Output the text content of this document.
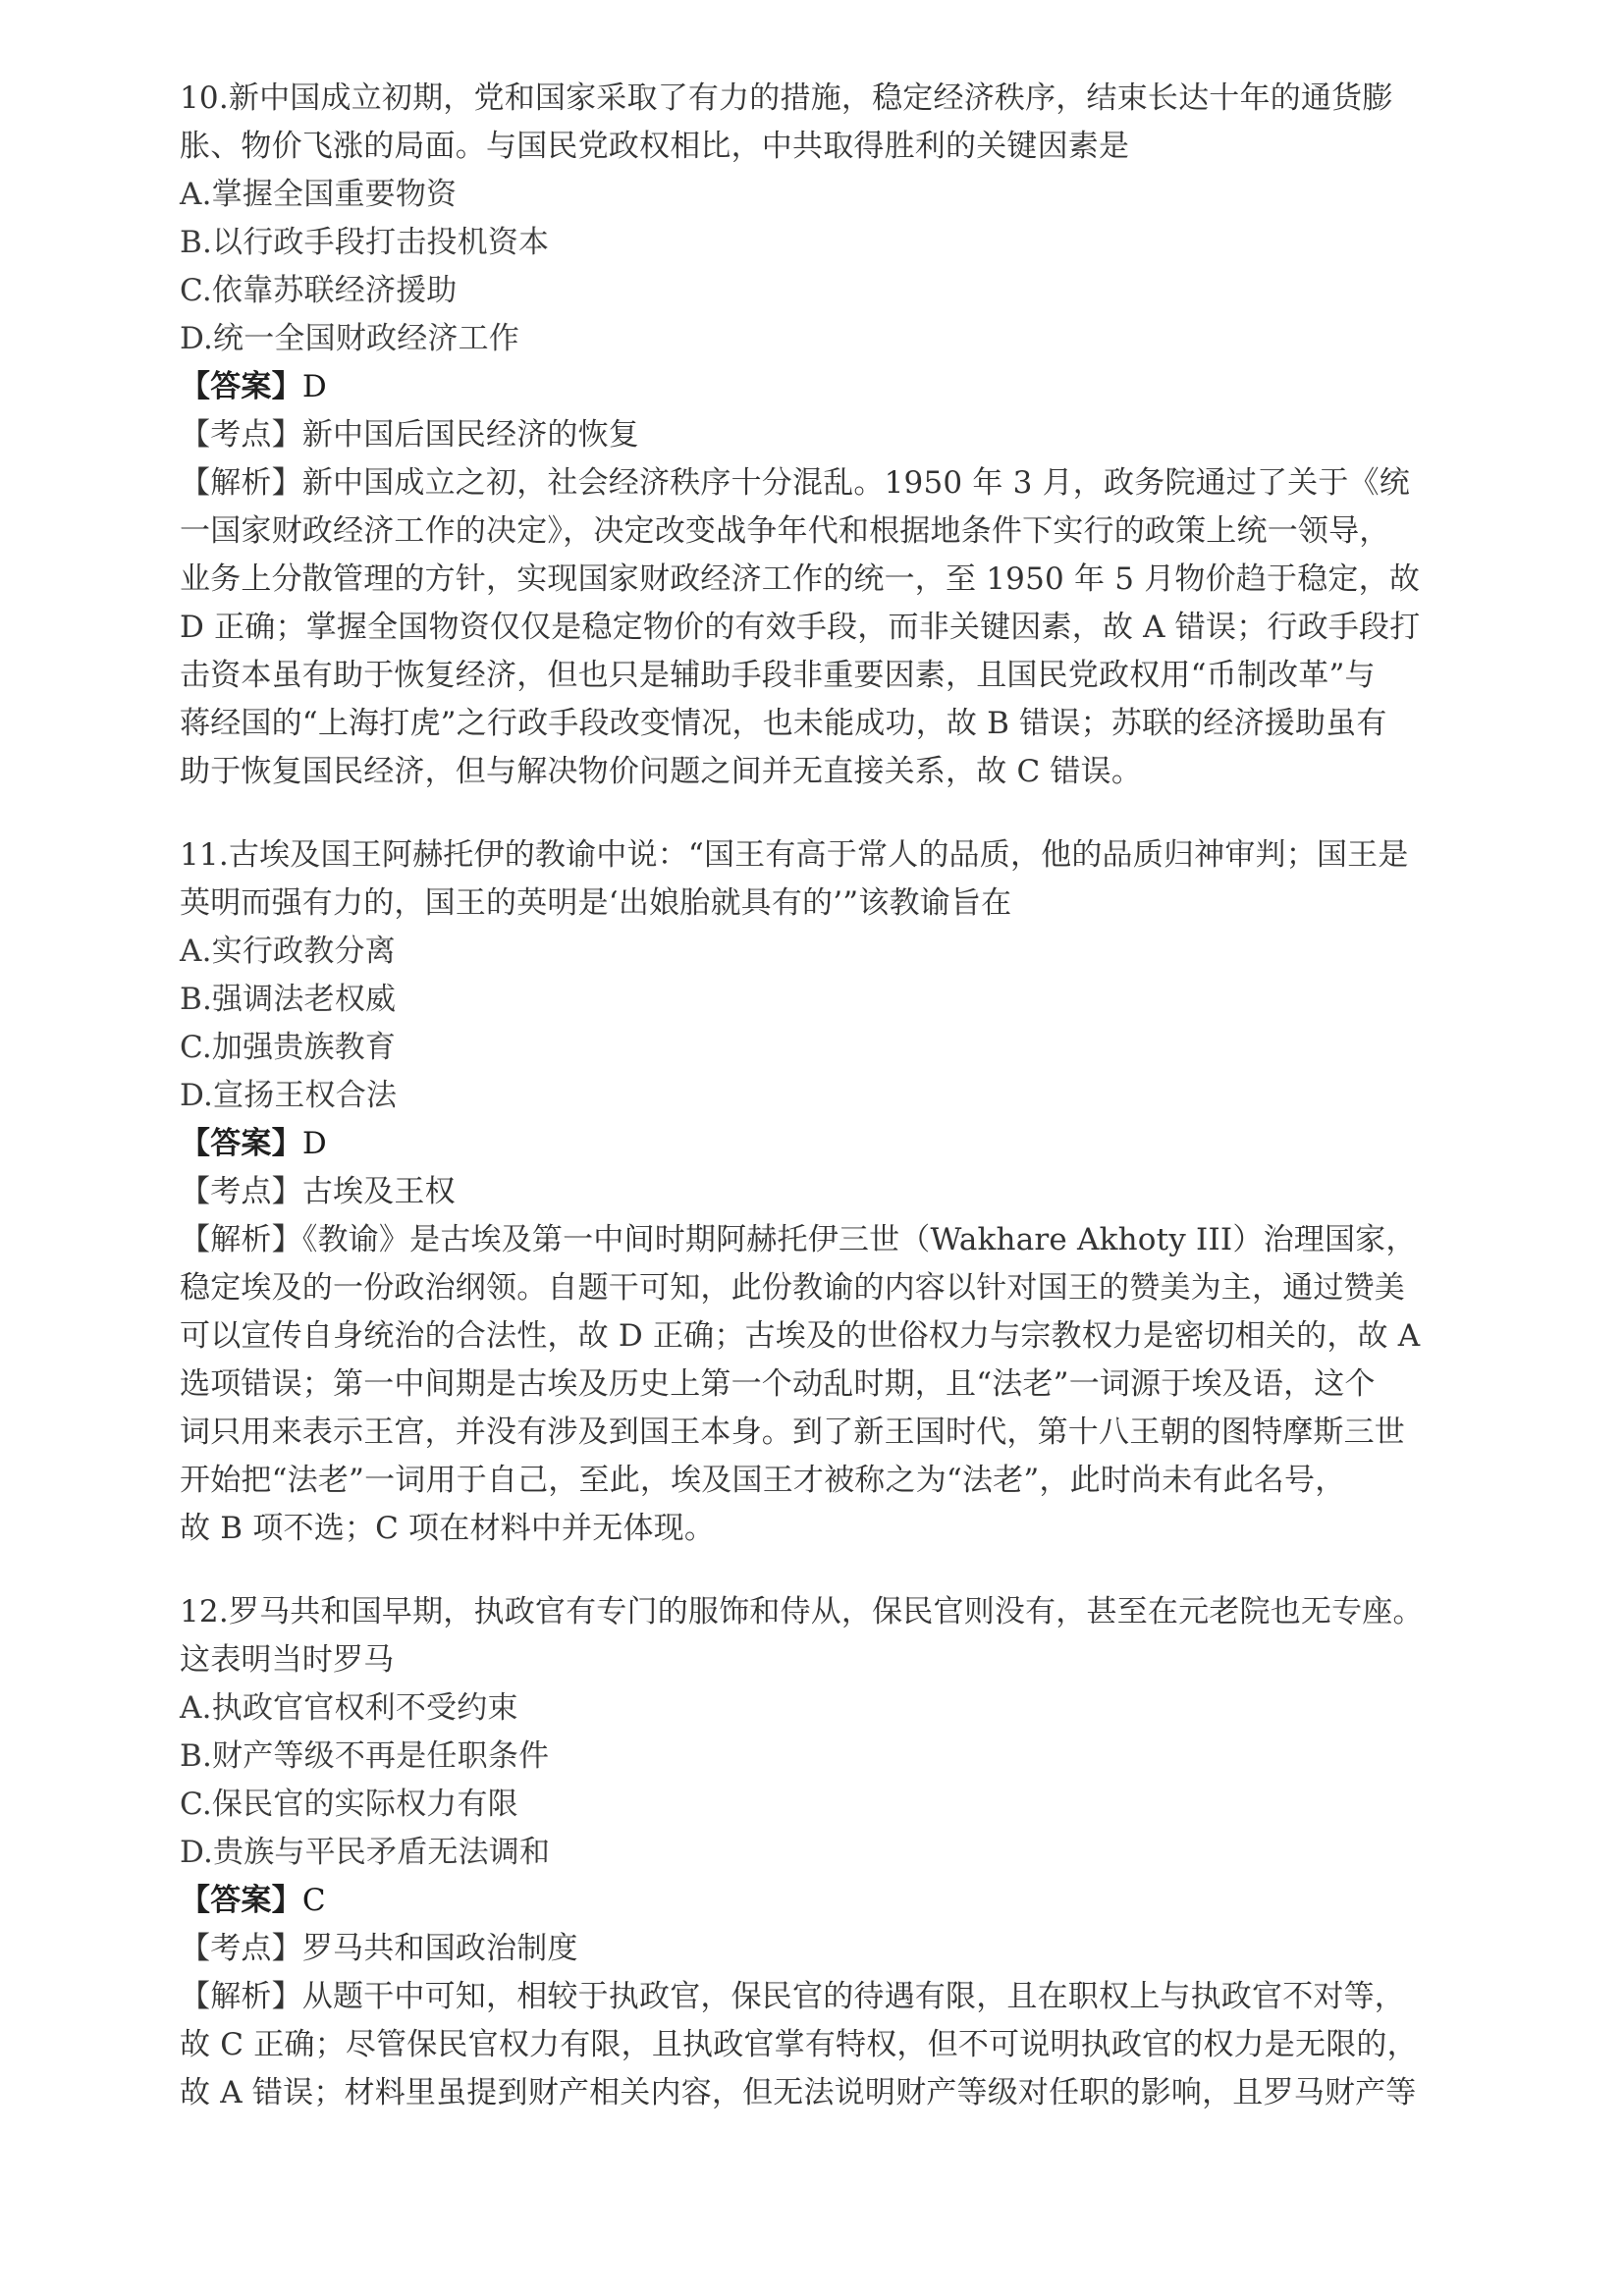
10.新中国成立初期，党和国家采取了有力的措施，稳定经济秩序，结束长达十年的通货膨
胀、物价飞涨的局面。与国民党政权相比，中共取得胜利的关键因素是
A.掌握全国重要物资
B.以行政手段打击投机资本
C.依靠苏联经济援助
D.统一全国财政经济工作
【答案】D
【考点】新中国后国民经济的恢复
【解析】新中国成立之初，社会经济秩序十分混乱。1950 年 3 月，政务院通过了关于《统
一国家财政经济工作的决定》，决定改变战争年代和根据地条件下实行的政策上统一领导，
业务上分散管理的方针，实现国家财政经济工作的统一，至 1950 年 5 月物价趋于稳定，故
D 正确；掌握全国物资仅仅是稳定物价的有效手段，而非关键因素，故 A 错误；行政手段打
击资本虽有助于恢复经济，但也只是辅助手段非重要因素，且国民党政权用“币制改革”与
蒋经国的“上海打虎”之行政手段改变情况，也未能成功，故 B 错误；苏联的经济援助虽有
助于恢复国民经济，但与解决物价问题之间并无直接关系，故 C 错误。
11.古埃及国王阿赫托伊的教谕中说：“国王有高于常人的品质，他的品质归神审判；国王是
英明而强有力的，国王的英明是‘出娘胎就具有的’”该教谕旨在
A.实行政教分离
B.强调法老权威
C.加强贵族教育
D.宣扬王权合法
【答案】D
【考点】古埃及王权
【解析】《教谕》是古埃及第一中间时期阿赫托伊三世（Wakhare Akhoty III）治理国家，
稳定埃及的一份政治纲领。自题干可知，此份教谕的内容以针对国王的赞美为主，通过赞美
可以宣传自身统治的合法性，故 D 正确；古埃及的世俗权力与宗教权力是密切相关的，故 A
选项错误；第一中间期是古埃及历史上第一个动乱时期，且“法老”一词源于埃及语，这个
词只用来表示王宫，并没有涉及到国王本身。到了新王国时代，第十八王朝的图特摩斯三世
开始把“法老”一词用于自己，至此，埃及国王才被称之为“法老”，此时尚未有此名号，
故 B 项不选；C 项在材料中并无体现。
12.罗马共和国早期，执政官有专门的服饰和侍从，保民官则没有，甚至在元老院也无专座。
这表明当时罗马
A.执政官官权利不受约束
B.财产等级不再是任职条件
C.保民官的实际权力有限
D.贵族与平民矛盾无法调和
【答案】C
【考点】罗马共和国政治制度
【解析】从题干中可知，相较于执政官，保民官的待遇有限，且在职权上与执政官不对等，
故 C 正确；尽管保民官权力有限，且执政官掌有特权，但不可说明执政官的权力是无限的，
故 A 错误；材料里虽提到财产相关内容，但无法说明财产等级对任职的影响，且罗马财产等
